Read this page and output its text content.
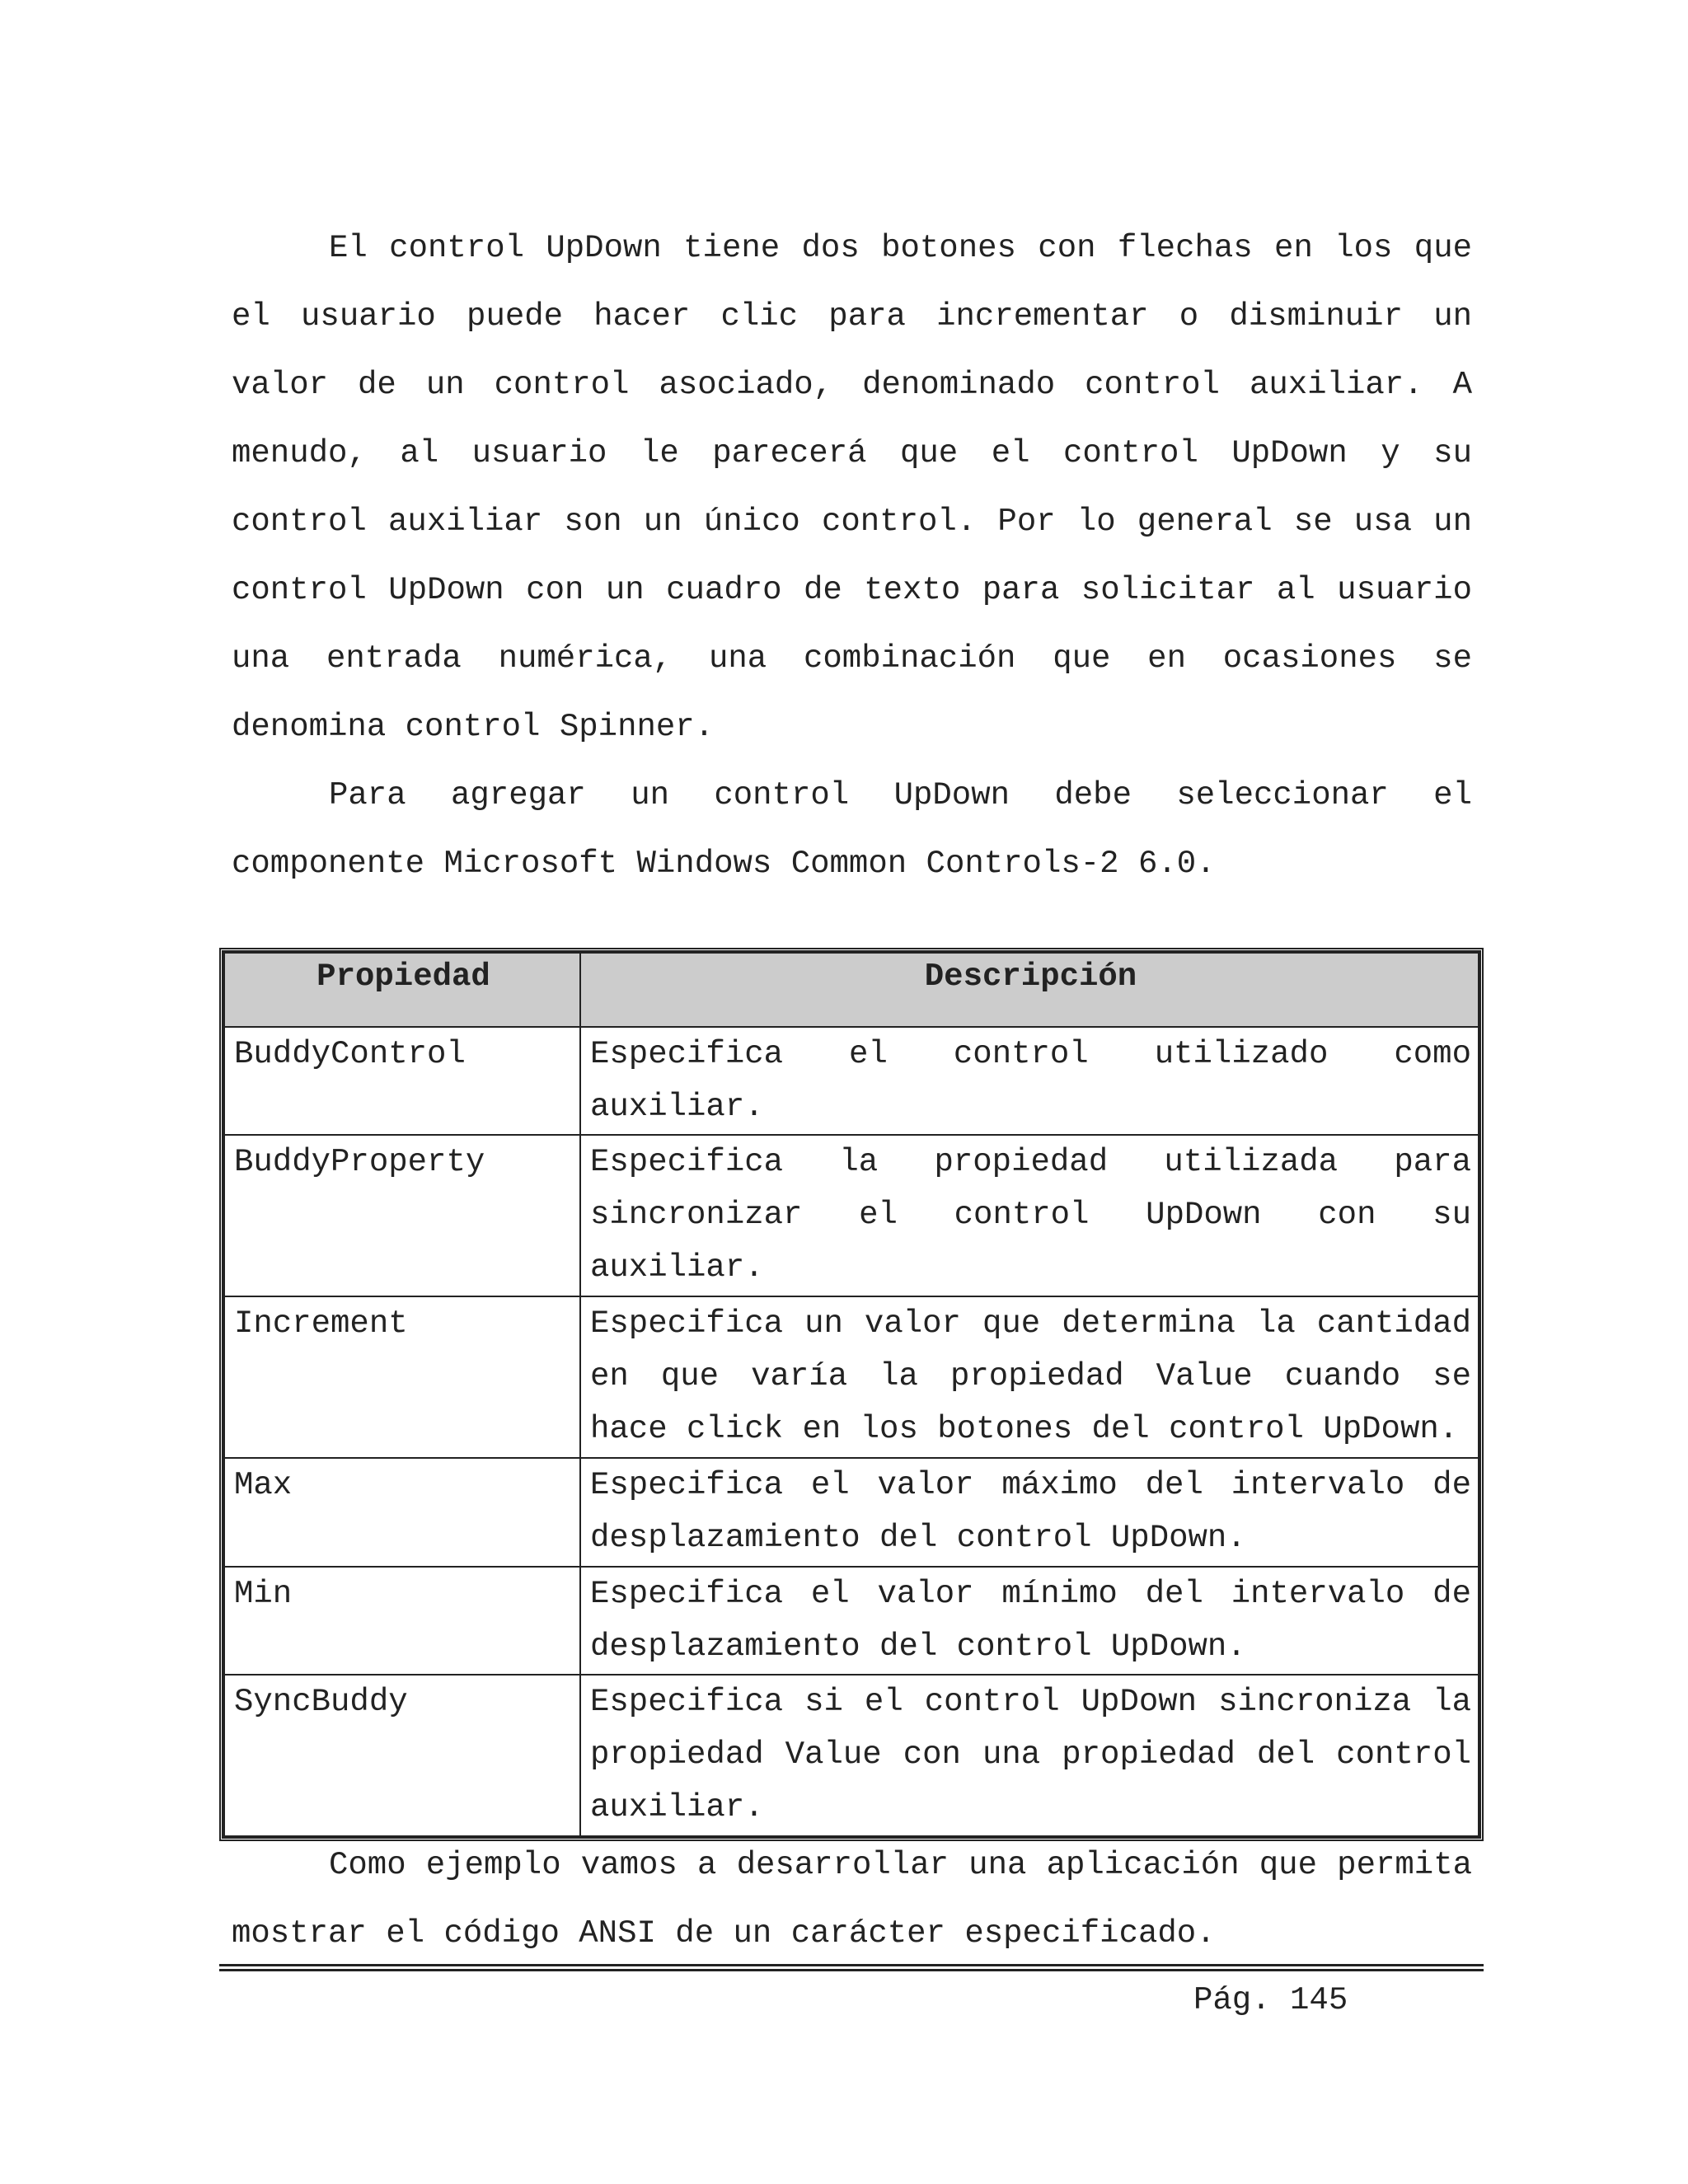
El control UpDown tiene dos botones con flechas en los que el usuario puede hacer clic para incrementar o disminuir un valor de un control asociado, denominado control auxiliar. A menudo, al usuario le parecerá que el control UpDown y su control auxiliar son un único control. Por lo general se usa un control UpDown con un cuadro de texto para solicitar al usuario una entrada numérica, una combinación que en ocasiones se denomina control Spinner.

Para agregar un control UpDown debe seleccionar el componente Microsoft Windows Common Controls-2 6.0.

Propiedad	Descripción
BuddyControl	Especifica el control utilizado como auxiliar.
BuddyProperty	Especifica la propiedad utilizada para sincronizar el control UpDown con su auxiliar.
Increment	Especifica un valor que determina la cantidad en que varía la propiedad Value cuando se hace click en los botones del control UpDown.
Max	Especifica el valor máximo del intervalo de desplazamiento del control UpDown.
Min	Especifica el valor mínimo del intervalo de desplazamiento del control UpDown.
SyncBuddy	Especifica si el control UpDown sincroniza la propiedad Value con una propiedad del control auxiliar.

Como ejemplo vamos a desarrollar una aplicación que permita mostrar el código ANSI de un carácter especificado.

Pág. 145
